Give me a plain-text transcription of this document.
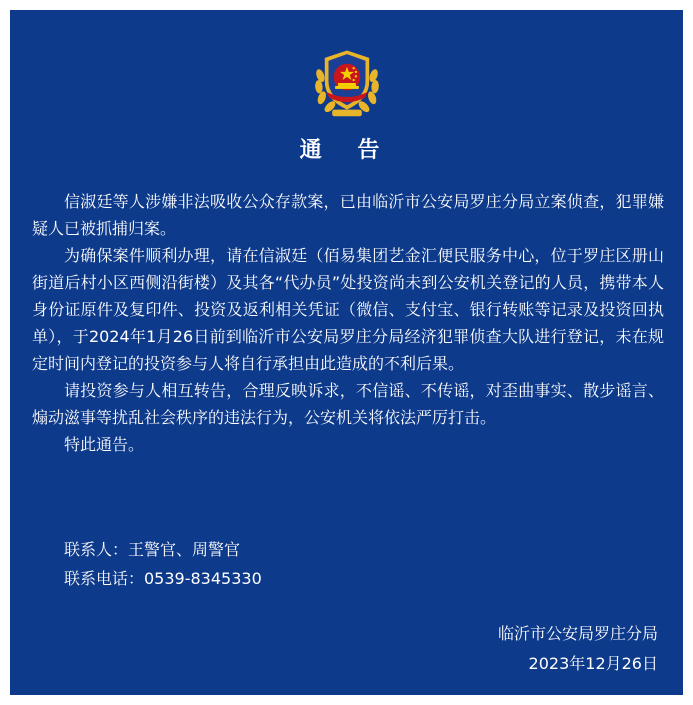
通 告

信淑廷等人涉嫌非法吸收公众存款案，已由临沂市公安局罗庄分局立案侦查，犯罪嫌疑人已被抓捕归案。

为确保案件顺利办理，请在信淑廷（佰易集团艺金汇便民服务中心，位于罗庄区册山街道后村小区西侧沿街楼）及其各“代办员”处投资尚未到公安机关登记的人员，携带本人身份证原件及复印件、投资及返利相关凭证（微信、支付宝、银行转账等记录及投资回执单），于2024年1月26日前到临沂市公安局罗庄分局经济犯罪侦查大队进行登记，未在规定时间内登记的投资参与人将自行承担由此造成的不利后果。

请投资参与人相互转告，合理反映诉求，不信谣、不传谣，对歪曲事实、散步谣言、煽动滋事等扰乱社会秩序的违法行为，公安机关将依法严厉打击。

特此通告。

联系人：王警官、周警官
联系电话：0539-8345330
临沂市公安局罗庄分局
2023年12月26日
